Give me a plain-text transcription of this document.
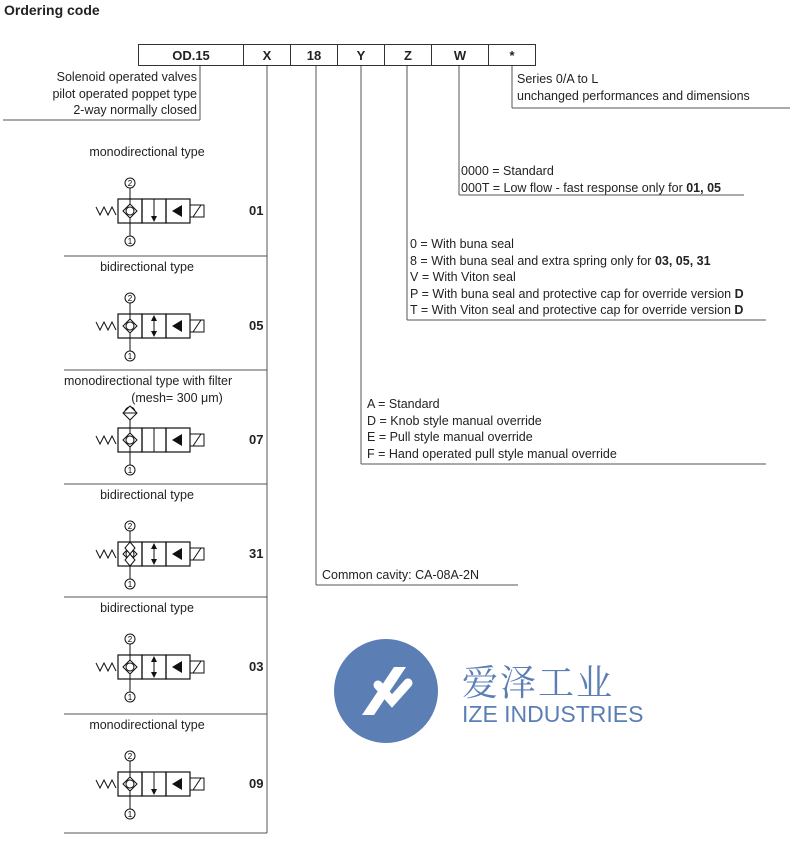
Ordering code
OD.15	X	18	Y	Z	W	*
Solenoid operated valves
pilot operated poppet type
2-way normally closed
Series 0/A to L
unchanged performances and dimensions
0000 = Standard
000T = Low flow - fast response only for 01, 05
0 = With buna seal
8 = With buna seal and extra spring only for 03, 05, 31
V = With Viton seal
P = With buna seal and protective cap for override version D
T = With Viton seal and protective cap for override version D
A = Standard
D = Knob style manual override
E = Pull style manual override
F = Hand operated pull style manual override
Common cavity: CA-08A-2N
monodirectional type
01
2
1
bidirectional type
05
2
1
monodirectional type with filter
(mesh= 300 μm)
07
1
bidirectional type
31
2
1
bidirectional type
03
2
1
monodirectional type
09
2
1
爱泽工业
IZE INDUSTRIES
